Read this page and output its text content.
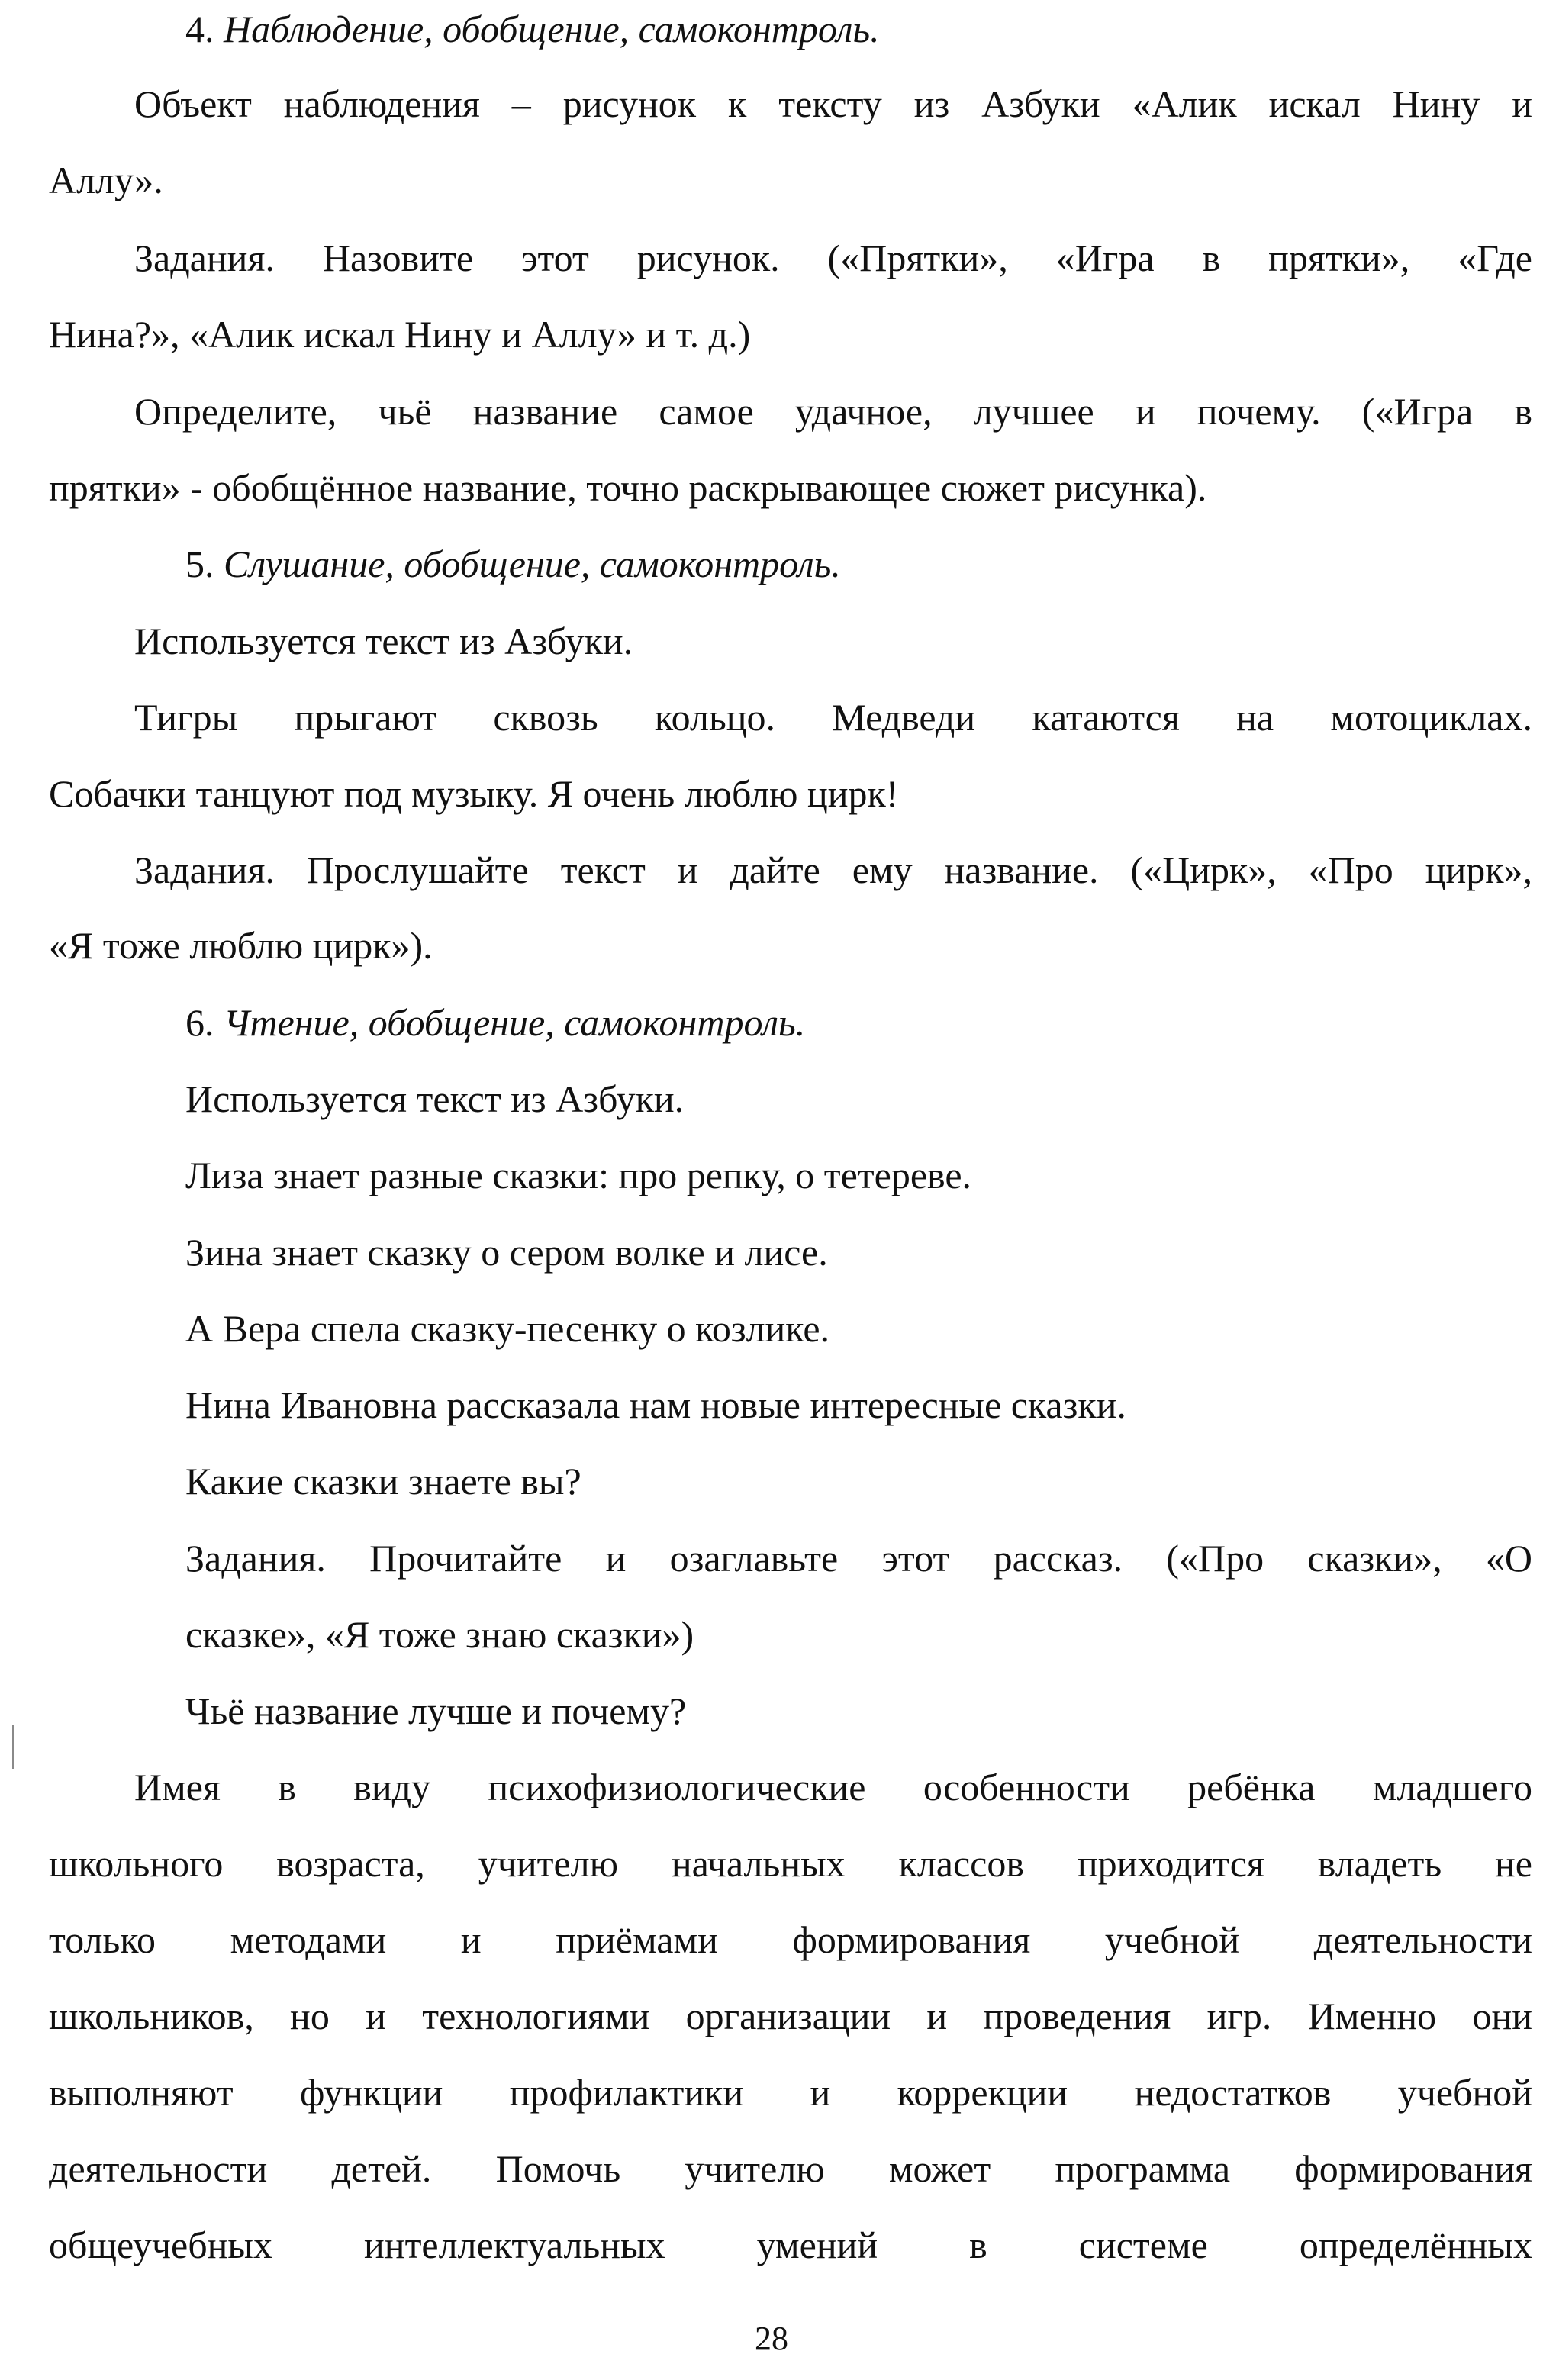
4. Наблюдение, обобщение, самоконтроль.
Объект наблюдения – рисунок к тексту из Азбуки «Алик искал Нину и
Аллу».
Задания. Назовите этот рисунок. («Прятки», «Игра в прятки», «Где
Нина?», «Алик искал Нину и Аллу» и т. д.)
Определите, чьё название самое удачное, лучшее и почему. («Игра в
прятки» - обобщённое название, точно раскрывающее сюжет рисунка).
5. Слушание, обобщение, самоконтроль.
Используется текст из Азбуки.
Тигры прыгают сквозь кольцо. Медведи катаются на мотоциклах.
Собачки танцуют под музыку. Я очень люблю цирк!
Задания. Прослушайте текст и дайте ему название. («Цирк», «Про цирк»,
«Я тоже люблю цирк»).
6. Чтение, обобщение, самоконтроль.
Используется текст из Азбуки.
Лиза знает разные сказки: про репку, о тетереве.
Зина знает сказку о сером волке и лисе.
А Вера спела сказку-песенку о козлике.
Нина Ивановна рассказала нам новые интересные сказки.
Какие сказки знаете вы?
Задания. Прочитайте и озаглавьте этот рассказ. («Про сказки», «О
сказке», «Я тоже знаю сказки»)
Чьё название лучше и почему?
Имея в виду психофизиологические особенности ребёнка младшего
школьного возраста, учителю начальных классов приходится владеть не
только методами и приёмами формирования учебной деятельности
школьников, но и технологиями организации и проведения игр. Именно они
выполняют функции профилактики и коррекции недостатков учебной
деятельности детей. Помочь учителю может программа формирования
общеучебных интеллектуальных умений в системе определённых
28
